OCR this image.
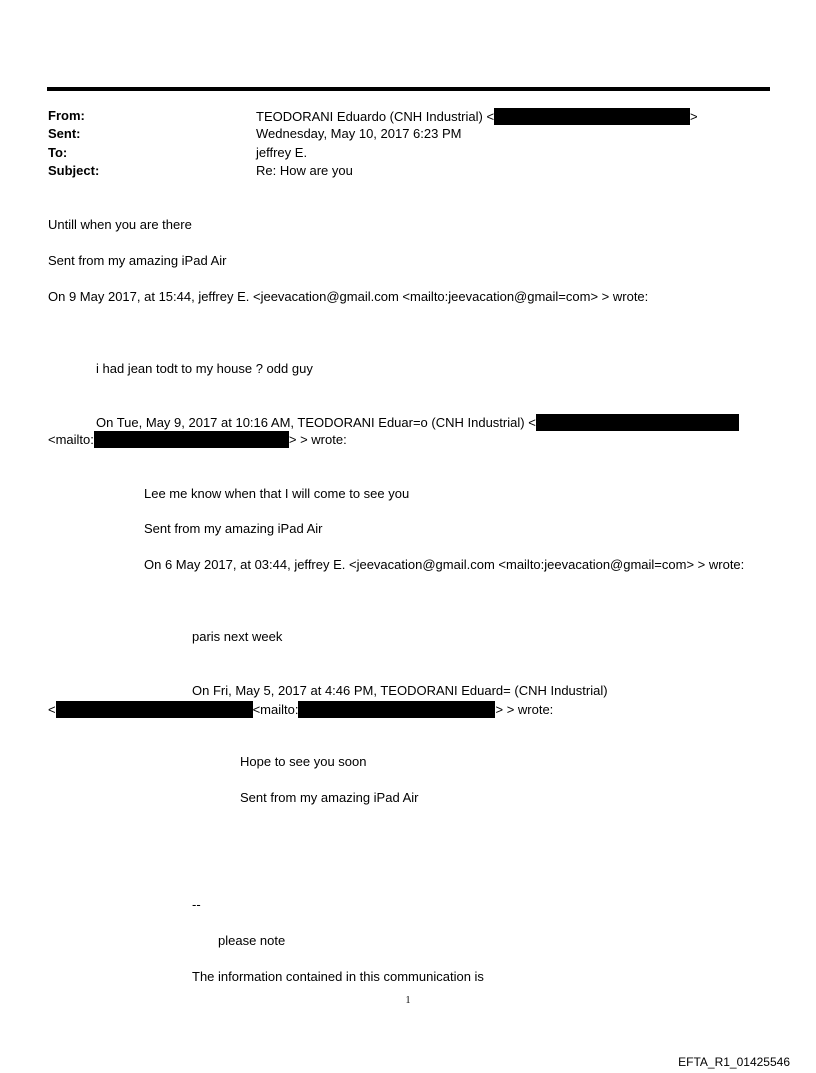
From:	TEODORANI Eduardo (CNH Industrial) <	>
Sent:	Wednesday, May 10, 2017 6:23 PM
To:	jeffrey E.
Subject:	Re: How are you
Untill when you are there
Sent from my amazing iPad Air
On 9 May 2017, at 15:44, jeffrey E. <jeevacation@gmail.com <mailto:jeevacation@gmail=com> > wrote:
i had jean todt to my house ? odd guy
On Tue, May 9, 2017 at 10:16 AM, TEODORANI Eduar=o (CNH Industrial) <
<mailto:	> > wrote:
Lee me know when that I will come to see you
Sent from my amazing iPad Air
On 6 May 2017, at 03:44, jeffrey E. <jeevacation@gmail.com <mailto:jeevacation@gmail=com> > wrote:
paris next week
On Fri, May 5, 2017 at 4:46 PM, TEODORANI Eduard= (CNH Industrial)
<	<mailto:	> > wrote:
Hope to see you soon
Sent from my amazing iPad Air
--
please note
The information contained in this communication is
1
EFTA_R1_01425546
